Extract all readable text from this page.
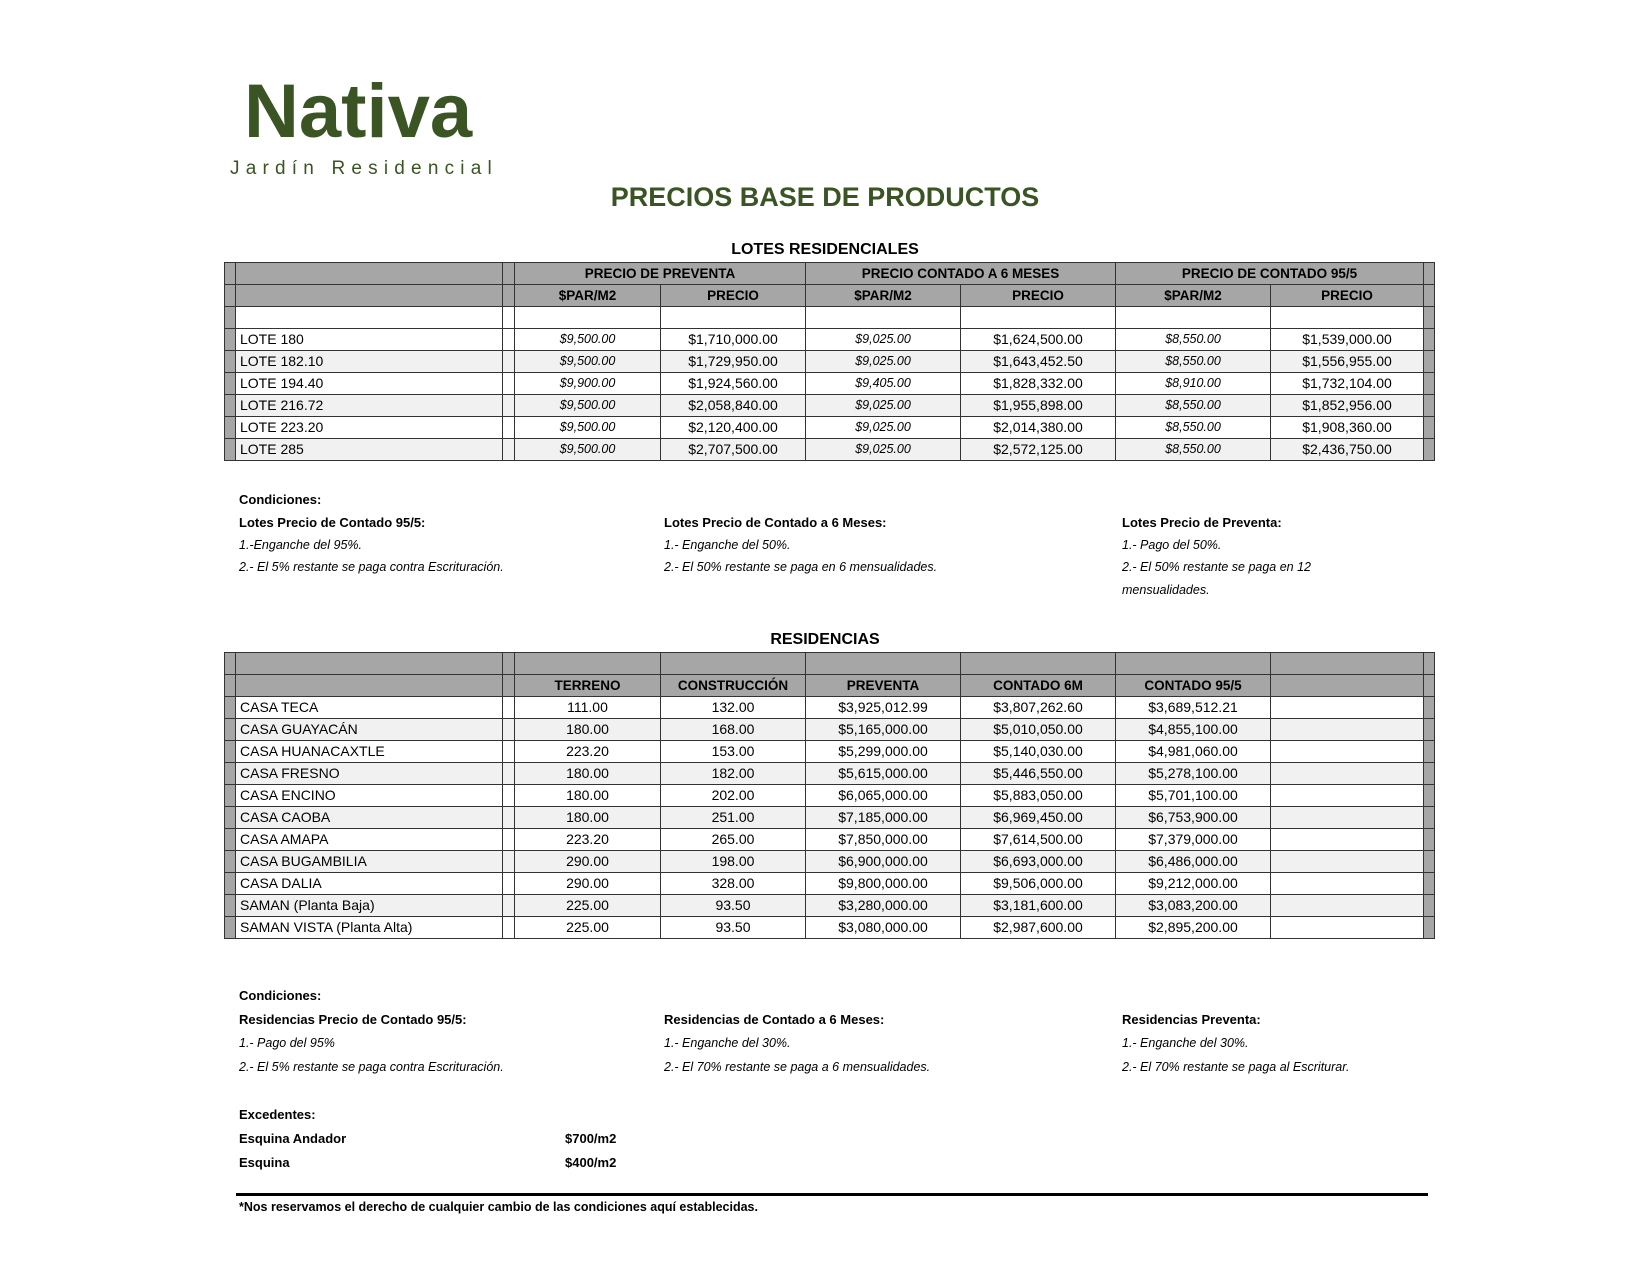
Nativa
Jardín Residencial
PRECIOS BASE DE PRODUCTOS
LOTES RESIDENCIALES
			PRECIO DE PREVENTA		PRECIO CONTADO A 6 MESES		PRECIO DE CONTADO 95/5		
			$PAR/M2	PRECIO	$PAR/M2	PRECIO	$PAR/M2	PRECIO	

	LOTE 180		$9,500.00	$1,710,000.00	$9,025.00	$1,624,500.00	$8,550.00	$1,539,000.00	
	LOTE 182.10		$9,500.00	$1,729,950.00	$9,025.00	$1,643,452.50	$8,550.00	$1,556,955.00	
	LOTE 194.40		$9,900.00	$1,924,560.00	$9,405.00	$1,828,332.00	$8,910.00	$1,732,104.00	
	LOTE 216.72		$9,500.00	$2,058,840.00	$9,025.00	$1,955,898.00	$8,550.00	$1,852,956.00	
	LOTE 223.20		$9,500.00	$2,120,400.00	$9,025.00	$2,014,380.00	$8,550.00	$1,908,360.00	
	LOTE 285		$9,500.00	$2,707,500.00	$9,025.00	$2,572,125.00	$8,550.00	$2,436,750.00	
Condiciones:
Lotes Precio de Contado 95/5:
1.-Enganche del 95%.
2.- El 5% restante se paga contra Escrituración.
Lotes Precio de Contado a 6 Meses:
1.- Enganche del 50%.
2.- El 50% restante se paga en 6 mensualidades.
Lotes Precio de Preventa:
1.- Pago del 50%.
2.- El 50% restante se paga en 12
mensualidades.
RESIDENCIAS

			TERRENO	CONSTRUCCIÓN	PREVENTA	CONTADO 6M	CONTADO 95/5		
	CASA TECA		111.00	132.00	$3,925,012.99	$3,807,262.60	$3,689,512.21		
	CASA GUAYACÁN		180.00	168.00	$5,165,000.00	$5,010,050.00	$4,855,100.00		
	CASA HUANACAXTLE		223.20	153.00	$5,299,000.00	$5,140,030.00	$4,981,060.00		
	CASA FRESNO		180.00	182.00	$5,615,000.00	$5,446,550.00	$5,278,100.00		
	CASA ENCINO		180.00	202.00	$6,065,000.00	$5,883,050.00	$5,701,100.00		
	CASA CAOBA		180.00	251.00	$7,185,000.00	$6,969,450.00	$6,753,900.00		
	CASA AMAPA		223.20	265.00	$7,850,000.00	$7,614,500.00	$7,379,000.00		
	CASA BUGAMBILIA		290.00	198.00	$6,900,000.00	$6,693,000.00	$6,486,000.00		
	CASA DALIA		290.00	328.00	$9,800,000.00	$9,506,000.00	$9,212,000.00		
	SAMAN (Planta Baja)		225.00	93.50	$3,280,000.00	$3,181,600.00	$3,083,200.00		
	SAMAN VISTA (Planta Alta)		225.00	93.50	$3,080,000.00	$2,987,600.00	$2,895,200.00		
Condiciones:
Residencias Precio de Contado 95/5:
1.- Pago del 95%
2.- El 5% restante se paga contra Escrituración.
Residencias de Contado a 6 Meses:
1.- Enganche del 30%.
2.- El 70% restante se paga a 6 mensualidades.
Residencias Preventa:
1.- Enganche del 30%.
2.- El 70% restante se paga al Escriturar.
Excedentes:
Esquina Andador	$700/m2
Esquina	$400/m2
*Nos reservamos el derecho de cualquier cambio de las condiciones aquí establecidas.
